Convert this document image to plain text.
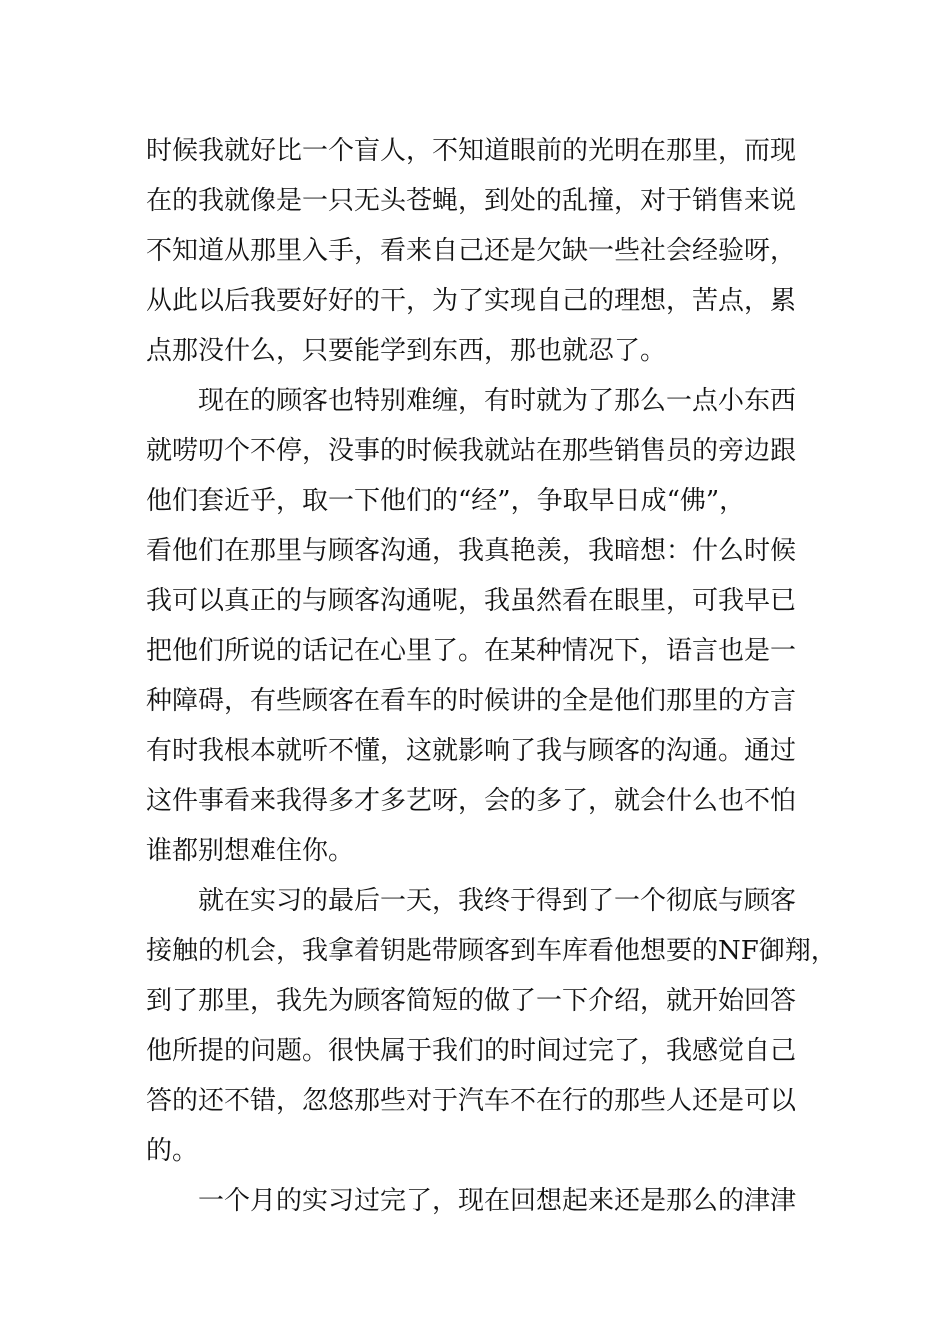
时候我就好比一个盲人，不知道眼前的光明在那里，而现
在的我就像是一只无头苍蝇，到处的乱撞，对于销售来说
不知道从那里入手，看来自己还是欠缺一些社会经验呀，
从此以后我要好好的干，为了实现自己的理想，苦点，累
点那没什么，只要能学到东西，那也就忍了。
现在的顾客也特别难缠，有时就为了那么一点小东西
就唠叨个不停，没事的时候我就站在那些销售员的旁边跟
他们套近乎，取一下他们的“经”，争取早日成“佛”，
看他们在那里与顾客沟通，我真艳羡，我暗想：什么时候
我可以真正的与顾客沟通呢，我虽然看在眼里，可我早已
把他们所说的话记在心里了。在某种情况下，语言也是一
种障碍，有些顾客在看车的时候讲的全是他们那里的方言
有时我根本就听不懂，这就影响了我与顾客的沟通。通过
这件事看来我得多才多艺呀，会的多了，就会什么也不怕
谁都别想难住你。
就在实习的最后一天，我终于得到了一个彻底与顾客
接触的机会，我拿着钥匙带顾客到车库看他想要的NF御翔，
到了那里，我先为顾客简短的做了一下介绍，就开始回答
他所提的问题。很快属于我们的时间过完了，我感觉自己
答的还不错，忽悠那些对于汽车不在行的那些人还是可以
的。
一个月的实习过完了，现在回想起来还是那么的津津
